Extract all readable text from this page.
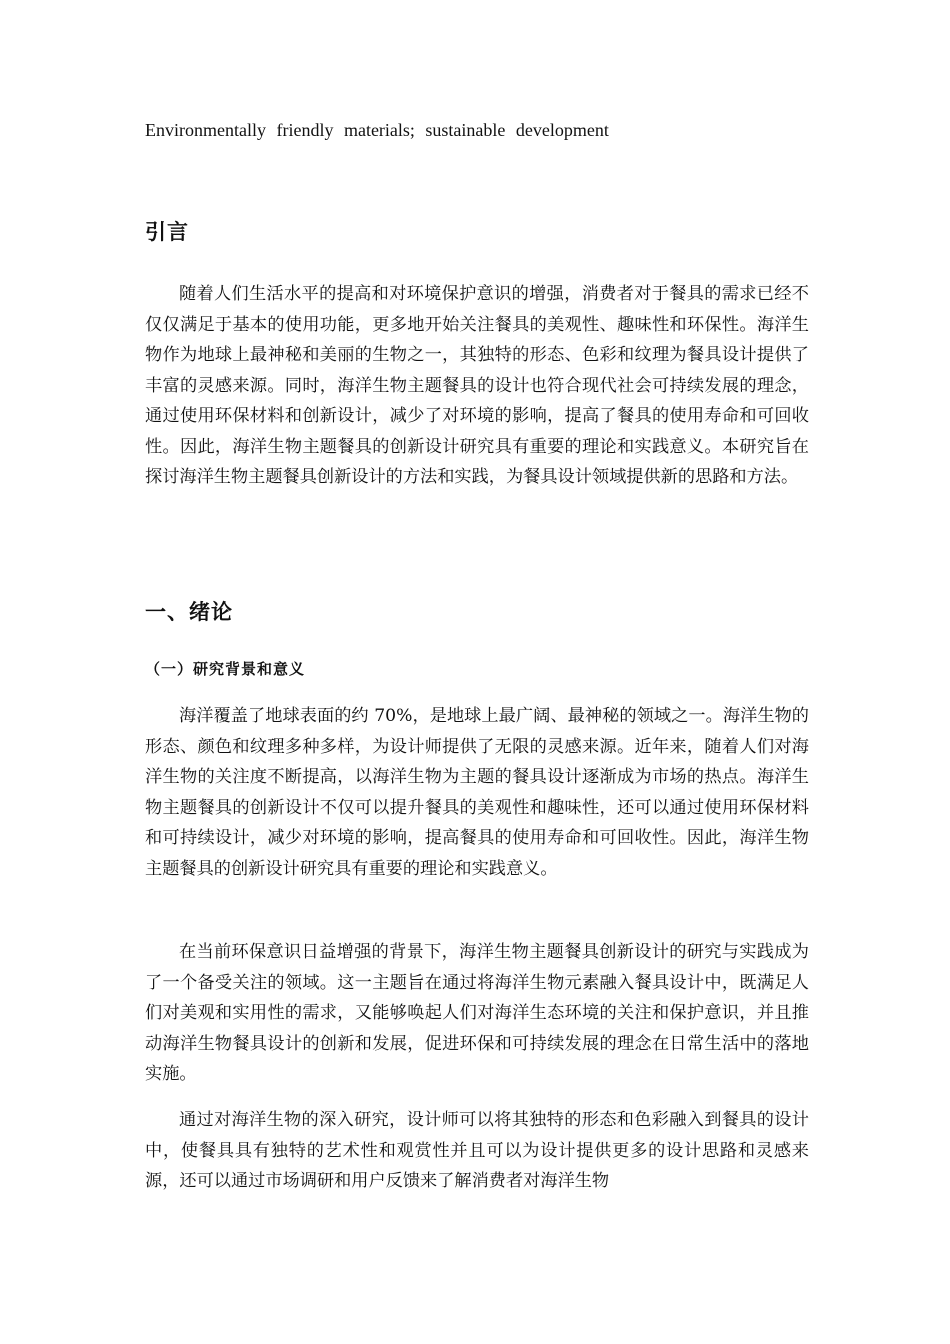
Environmentally friendly materials; sustainable development
引言

随着人们生活水平的提高和对环境保护意识的增强，消费者对于餐具的需求已经不仅仅满足于基本的使用功能，更多地开始关注餐具的美观性、趣味性和环保性。海洋生物作为地球上最神秘和美丽的生物之一，其独特的形态、色彩和纹理为餐具设计提供了丰富的灵感来源。同时，海洋生物主题餐具的设计也符合现代社会可持续发展的理念，通过使用环保材料和创新设计，减少了对环境的影响，提高了餐具的使用寿命和可回收性。因此，海洋生物主题餐具的创新设计研究具有重要的理论和实践意义。本研究旨在探讨海洋生物主题餐具创新设计的方法和实践，为餐具设计领域提供新的思路和方法。

一、绪论
（一）研究背景和意义

海洋覆盖了地球表面的约 70%，是地球上最广阔、最神秘的领域之一。海洋生物的形态、颜色和纹理多种多样，为设计师提供了无限的灵感来源。近年来，随着人们对海洋生物的关注度不断提高，以海洋生物为主题的餐具设计逐渐成为市场的热点。海洋生物主题餐具的创新设计不仅可以提升餐具的美观性和趣味性，还可以通过使用环保材料和可持续设计，减少对环境的影响，提高餐具的使用寿命和可回收性。因此，海洋生物主题餐具的创新设计研究具有重要的理论和实践意义。

在当前环保意识日益增强的背景下，海洋生物主题餐具创新设计的研究与实践成为了一个备受关注的领域。这一主题旨在通过将海洋生物元素融入餐具设计中，既满足人们对美观和实用性的需求，又能够唤起人们对海洋生态环境的关注和保护意识，并且推动海洋生物餐具设计的创新和发展，促进环保和可持续发展的理念在日常生活中的落地实施。

通过对海洋生物的深入研究，设计师可以将其独特的形态和色彩融入到餐具的设计中，使餐具具有独特的艺术性和观赏性并且可以为设计提供更多的设计思路和灵感来源，还可以通过市场调研和用户反馈来了解消费者对海洋生物
